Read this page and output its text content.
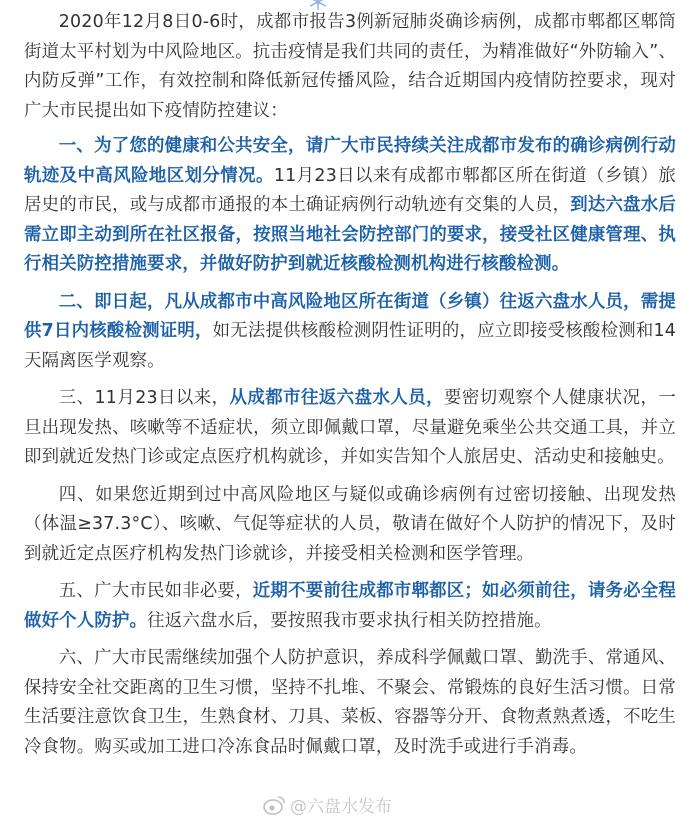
2020年12月8日0-6时，成都市报告3例新冠肺炎确诊病例，成都市郫都区郫筒街道太平村划为中风险地区。抗击疫情是我们共同的责任，为精准做好“外防输入”、内防反弹”工作，有效控制和降低新冠传播风险，结合近期国内疫情防控要求，现对广大市民提出如下疫情防控建议：

一、为了您的健康和公共安全，请广大市民持续关注成都市发布的确诊病例行动轨迹及中高风险地区划分情况。11月23日以来有成都市郫都区所在街道（乡镇）旅居史的市民，或与成都市通报的本土确证病例行动轨迹有交集的人员，到达六盘水后需立即主动到所在社区报备，按照当地社会防控部门的要求，接受社区健康管理、执行相关防控措施要求，并做好防护到就近核酸检测机构进行核酸检测。

二、即日起，凡从成都市中高风险地区所在街道（乡镇）往返六盘水人员，需提供7日内核酸检测证明，如无法提供核酸检测阴性证明的，应立即接受核酸检测和14天隔离医学观察。

三、11月23日以来，从成都市往返六盘水人员，要密切观察个人健康状况，一旦出现发热、咳嗽等不适症状，须立即佩戴口罩，尽量避免乘坐公共交通工具，并立即到就近发热门诊或定点医疗机构就诊，并如实告知个人旅居史、活动史和接触史。

四、如果您近期到过中高风险地区与疑似或确诊病例有过密切接触、出现发热（体温≥37.3°C）、咳嗽、气促等症状的人员，敬请在做好个人防护的情况下，及时到就近定点医疗机构发热门诊就诊，并接受相关检测和医学管理。

五、广大市民如非必要，近期不要前往成都市郫都区；如必须前往，请务必全程做好个人防护。往返六盘水后，要按照我市要求执行相关防控措施。

六、广大市民需继续加强个人防护意识，养成科学佩戴口罩、勤洗手、常通风、保持安全社交距离的卫生习惯，坚持不扎堆、不聚会、常锻炼的良好生活习惯。日常生活要注意饮食卫生，生熟食材、刀具、菜板、容器等分开、食物煮熟煮透，不吃生冷食物。购买或加工进口冷冻食品时佩戴口罩，及时洗手或进行手消毒。

@六盘水发布
